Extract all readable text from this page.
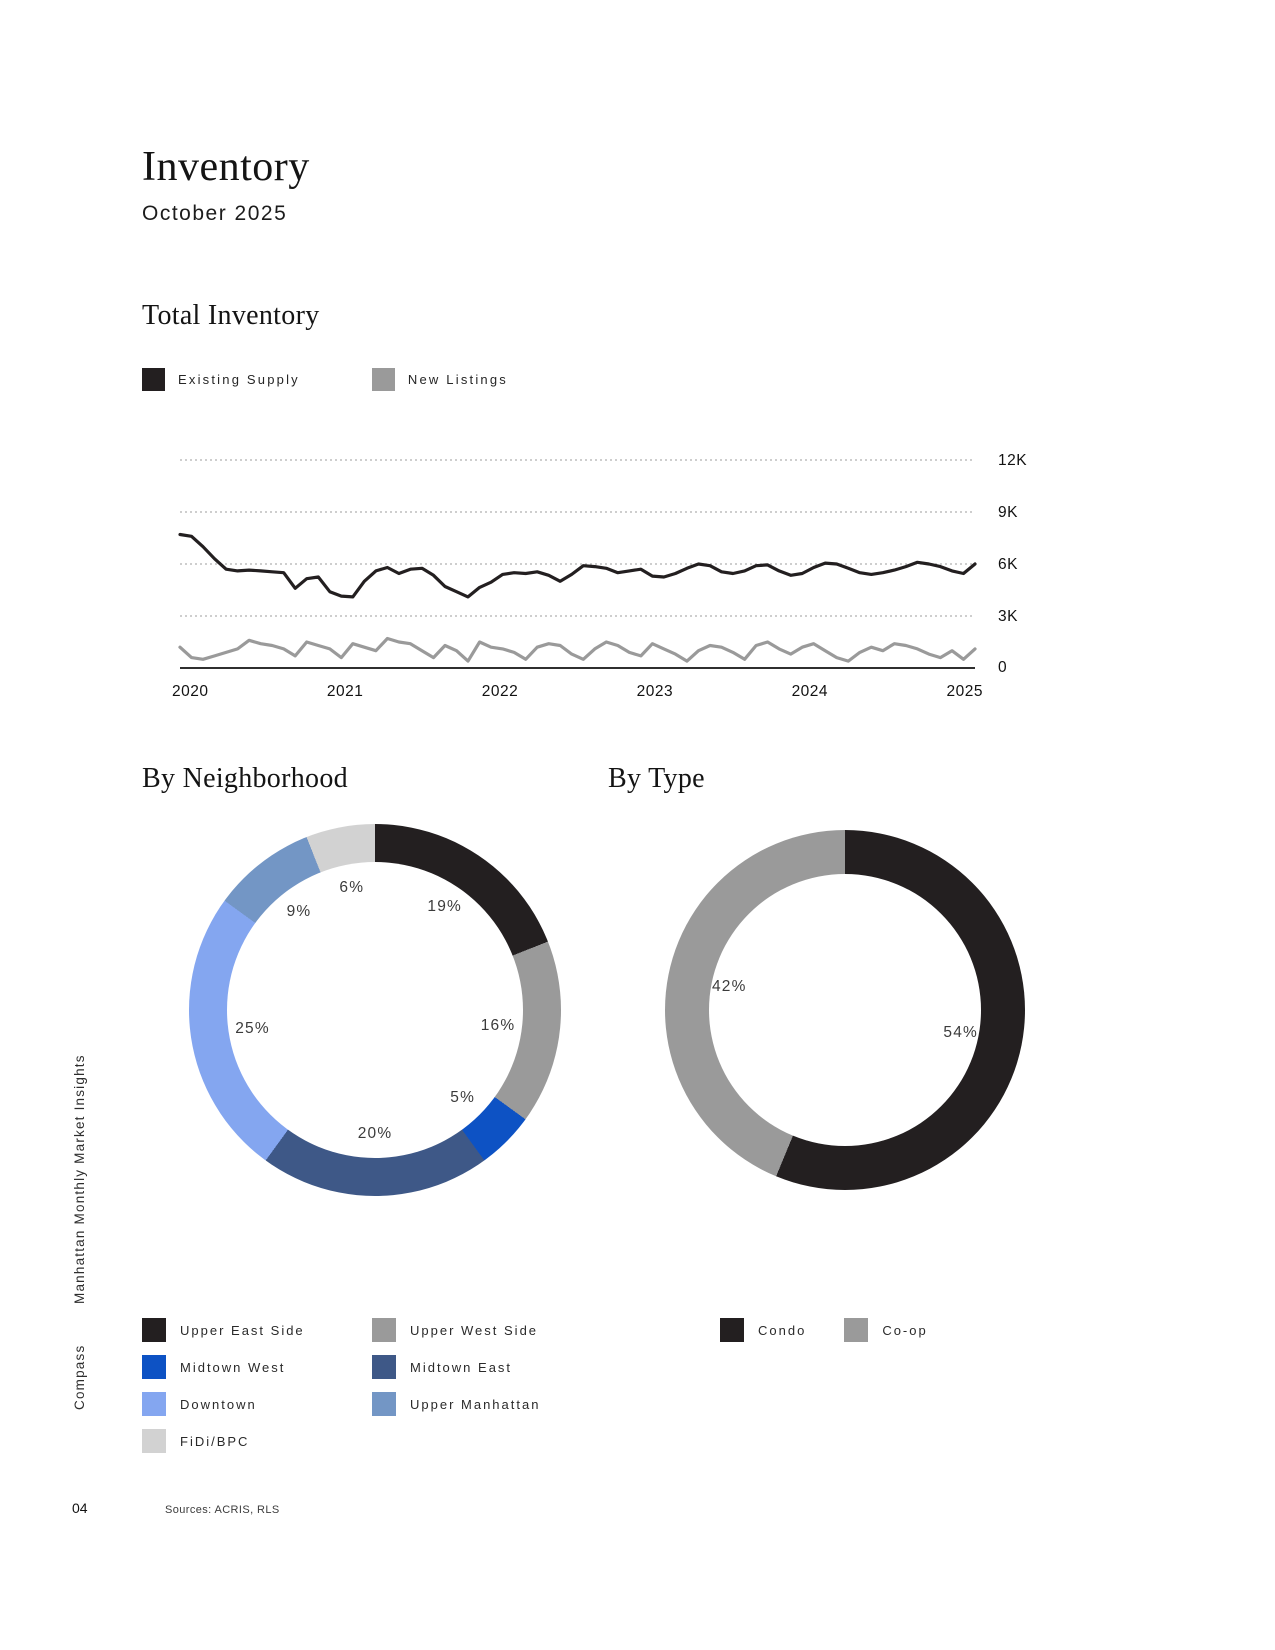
Inventory
October 2025
Total Inventory
Existing Supply	New Listings
12K
9K
6K
3K
0
2020	2021	2022	2023	2024	2025
By Neighborhood	By Type
19%
16%
5%
20%
25%
9%
6%
54%
42%
Upper East Side	Upper West Side
Midtown West	Midtown East
Downtown	Upper Manhattan
FiDi/BPC
Condo	Co-op
Manhattan Monthly Market Insights
Compass
04	Sources: ACRIS, RLS
